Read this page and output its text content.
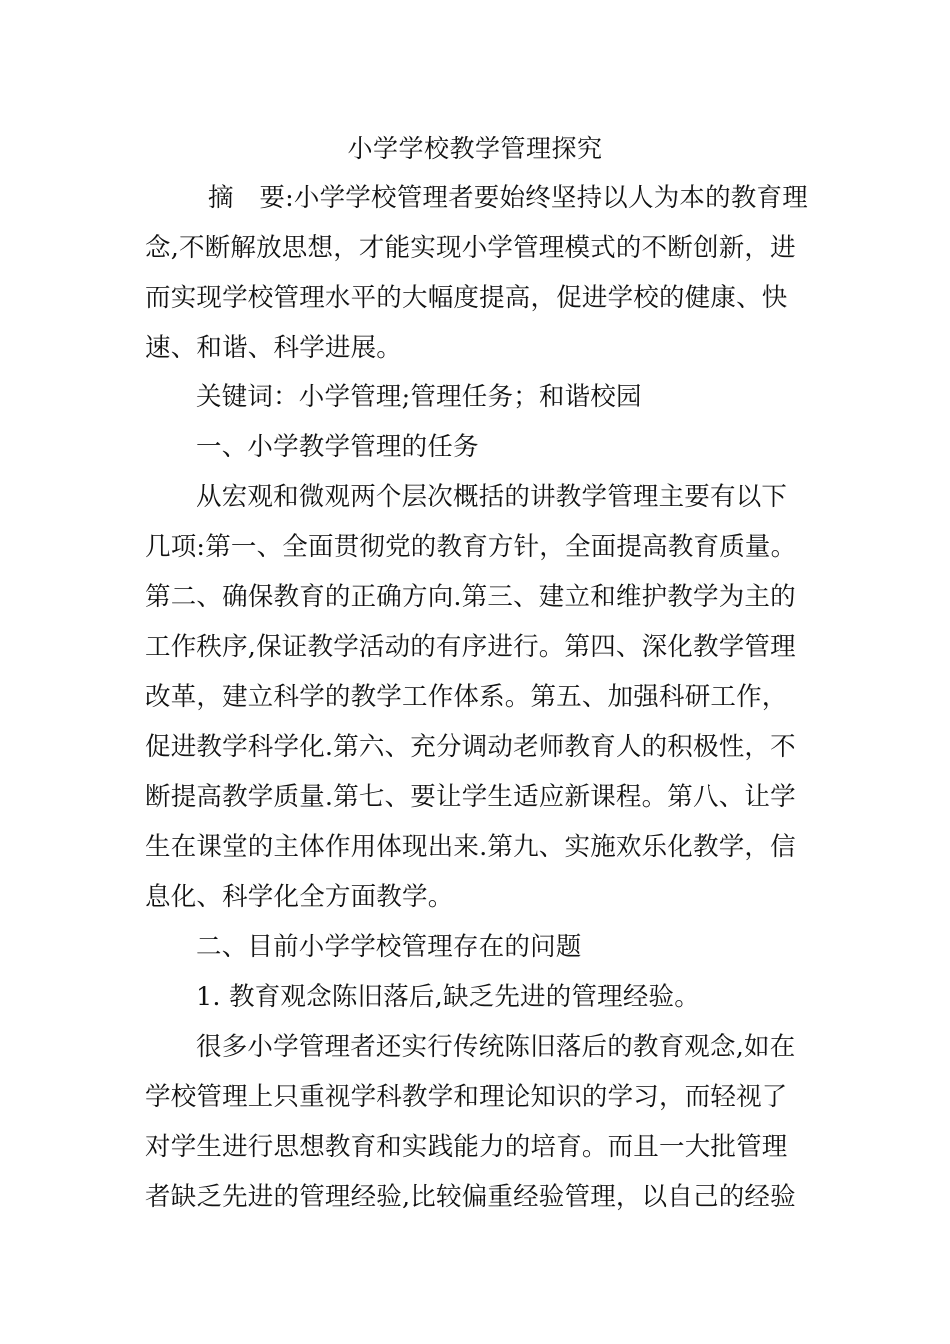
小学学校教学管理探究
摘　要:小学学校管理者要始终坚持以人为本的教育理
念,不断解放思想，才能实现小学管理模式的不断创新，进
而实现学校管理水平的大幅度提高，促进学校的健康、快
速、和谐、科学进展。
关键词：小学管理;管理任务；和谐校园
一、小学教学管理的任务
从宏观和微观两个层次概括的讲教学管理主要有以下
几项:第一、全面贯彻党的教育方针，全面提高教育质量。
第二、确保教育的正确方向.第三、建立和维护教学为主的
工作秩序,保证教学活动的有序进行。第四、深化教学管理
改革，建立科学的教学工作体系。第五、加强科研工作，
促进教学科学化.第六、充分调动老师教育人的积极性，不
断提高教学质量.第七、要让学生适应新课程。第八、让学
生在课堂的主体作用体现出来.第九、实施欢乐化教学，信
息化、科学化全方面教学。
二、目前小学学校管理存在的问题
1. 教育观念陈旧落后,缺乏先进的管理经验。
很多小学管理者还实行传统陈旧落后的教育观念,如在
学校管理上只重视学科教学和理论知识的学习，而轻视了
对学生进行思想教育和实践能力的培育。而且一大批管理
者缺乏先进的管理经验,比较偏重经验管理，以自己的经验
